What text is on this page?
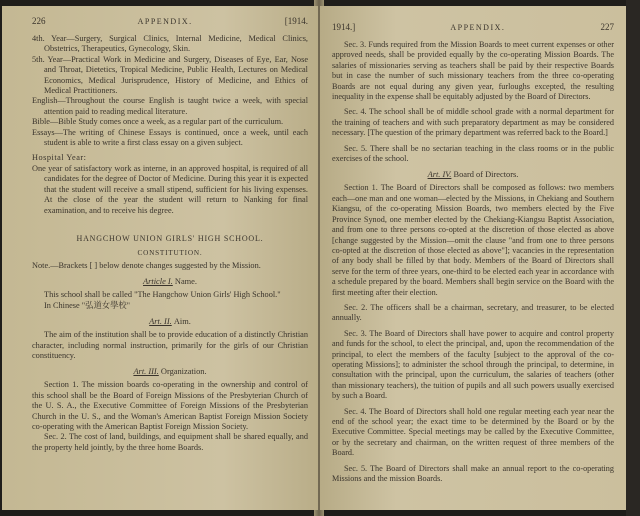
226	APPENDIX.	[1914.

4th. Year—Surgery, Surgical Clinics, Internal Medicine, Medical Clinics, Obstetrics, Therapeutics, Gynecology, Skin.

5th. Year—Practical Work in Medicine and Surgery, Diseases of Eye, Ear, Nose and Throat, Dietetics, Tropical Medicine, Public Health, Lectures on Medical Economics, Medical Jurisprudence, History of Medicine, and Ethics of Medical Practitioners.

English—Throughout the course English is taught twice a week, with special attention paid to reading medical literature.

Bible—Bible Study comes once a week, as a regular part of the curriculum.

Essays—The writing of Chinese Essays is continued, once a week, until each student is able to write a first class essay on a given subject.

Hospital Year:

One year of satisfactory work as interne, in an approved hospital, is required of all candidates for the degree of Doctor of Medicine. During this year it is expected that the student will receive a small stipend, sufficient for his living expenses. At the close of the year the student will return to Nanking for final examination, and to receive his degree.

HANGCHOW UNION GIRLS' HIGH SCHOOL.
CONSTITUTION.

Note.—Brackets [ ] below denote changes suggested by the Mission.

Article I. Name.

This school shall be called "The Hangchow Union Girls' High School."

In Chinese "弘道女學校"

Art. II. Aim.

The aim of the institution shall be to provide education of a distinctly Christian character, including normal instruction, primarily for the girls of our Christian constituency.

Art. III. Organization.

Section 1. The mission boards co-operating in the ownership and control of this school shall be the Board of Foreign Missions of the Presbyterian Church of the U. S. A., the Executive Committee of Foreign Missions of the Presbyterian Church in the U. S., and the Woman's American Baptist Foreign Mission Society co-operating with the American Baptist Foreign Mission Society.

Sec. 2. The cost of land, buildings, and equipment shall be shared equally, and the property held jointly, by the three home Boards.

1914.]	APPENDIX.	227

Sec. 3. Funds required from the Mission Boards to meet current expenses or other approved needs, shall be provided equally by the co-operating Mission Boards. The salaries of missionaries serving as teachers shall be paid by their respective Boards but in case the number of such missionary teachers from the three co-operating Boards are not equal during any given year, furloughs excepted, the resulting inequality in the expense shall be equitably adjusted by the Board of Directors.

Sec. 4. The school shall be of middle school grade with a normal department for the training of teachers and with such preparatory department as may be considered necessary. [The question of the primary department was referred back to the Board.]

Sec. 5. There shall be no sectarian teaching in the class rooms or in the public exercises of the school.

Art. IV. Board of Directors.

Section 1. The Board of Directors shall be composed as follows: two members each—one man and one woman—elected by the Missions, in Chekiang and Southern Kiangsu, of the co-operating Mission Boards, two members elected by the Five Province Synod, one member elected by the Chekiang-Kiangsu Baptist Association, and from one to three persons co-opted at the discretion of those elected as above [change suggested by the Mission—omit the clause "and from one to three persons co-opted at the discretion of those elected as above"]; vacancies in the representation of any body shall be filled by that body. Members of the Board of Directors shall serve for the term of three years, one-third to be elected each year in accordance with a schedule prepared by the board. Members shall begin service on the Board with the first meeting after their election.

Sec. 2. The officers shall be a chairman, secretary, and treasurer, to be elected annually.

Sec. 3. The Board of Directors shall have power to acquire and control property and funds for the school, to elect the principal, and, upon the recommendation of the principal, to elect the members of the faculty [subject to the approval of the co-operating Missions]; to administer the school through the principal, to determine, in consultation with the principal, upon the curriculum, the salaries of teachers (other than missionary teachers), the tuition of pupils and all such powers usually exercised by such a Board.

Sec. 4. The Board of Directors shall hold one regular meeting each year near the end of the school year; the exact time to be determined by the Board or by the Executive Committee. Special meetings may be called by the Executive Committee, or by the secretary and chairman, on the written request of three members of the Board.

Sec. 5. The Board of Directors shall make an annual report to the co-operating Missions and the mission Boards.
